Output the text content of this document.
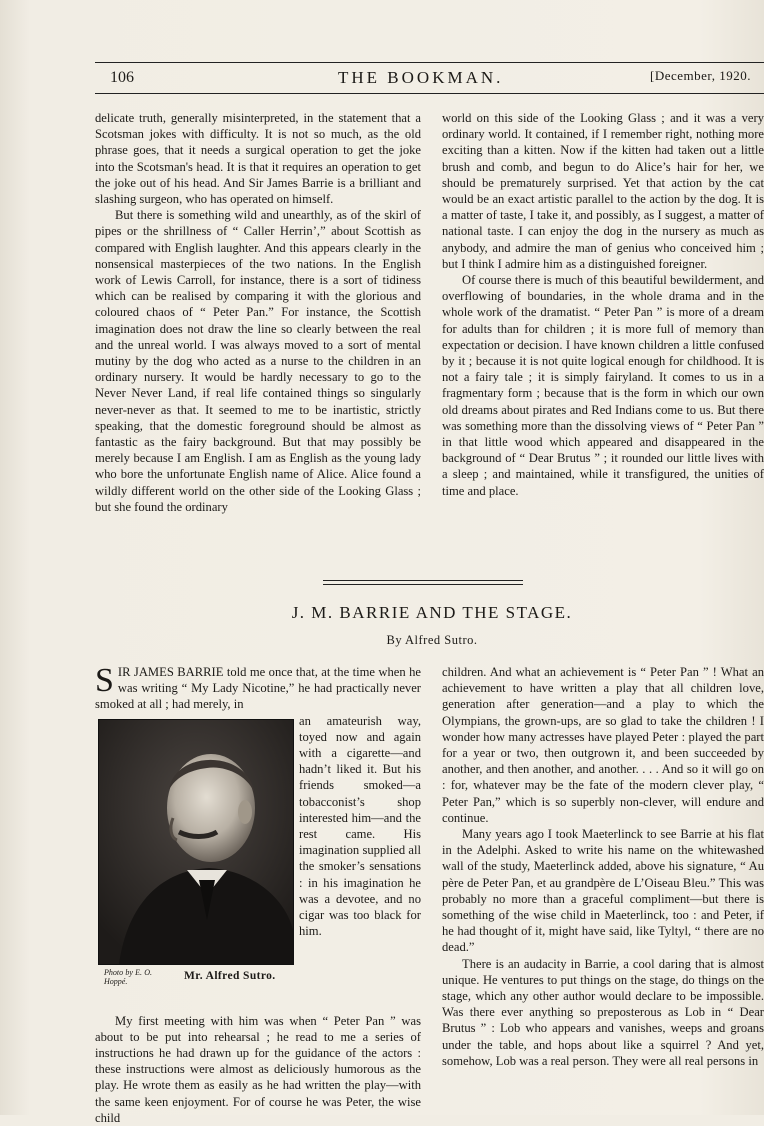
106	THE BOOKMAN.	[December, 1920.

delicate truth, generally misinterpreted, in the statement that a Scotsman jokes with difficulty. It is not so much, as the old phrase goes, that it needs a surgical operation to get the joke into the Scotsman's head. It is that it requires an operation to get the joke out of his head. And Sir James Barrie is a brilliant and slashing surgeon, who has operated on himself.

But there is something wild and unearthly, as of the skirl of pipes or the shrillness of “ Caller Herrin’,” about Scottish as compared with English laughter. And this appears clearly in the nonsensical masterpieces of the two nations. In the English work of Lewis Carroll, for instance, there is a sort of tidiness which can be realised by comparing it with the glorious and coloured chaos of “ Peter Pan.” For instance, the Scottish imagination does not draw the line so clearly between the real and the unreal world. I was always moved to a sort of mental mutiny by the dog who acted as a nurse to the children in an ordinary nursery. It would be hardly necessary to go to the Never Never Land, if real life contained things so singularly never-never as that. It seemed to me to be inartistic, strictly speaking, that the domestic foreground should be almost as fantastic as the fairy background. But that may possibly be merely because I am English. I am as English as the young lady who bore the unfortunate English name of Alice. Alice found a wildly different world on the other side of the Looking Glass ; but she found the ordinary

world on this side of the Looking Glass ; and it was a very ordinary world. It contained, if I remember right, nothing more exciting than a kitten. Now if the kitten had taken out a little brush and comb, and begun to do Alice’s hair for her, we should be prematurely surprised. Yet that action by the cat would be an exact artistic parallel to the action by the dog. It is a matter of taste, I take it, and possibly, as I suggest, a matter of national taste. I can enjoy the dog in the nursery as much as anybody, and admire the man of genius who conceived him ; but I think I admire him as a distinguished foreigner.

Of course there is much of this beautiful bewilderment, and overflowing of boundaries, in the whole drama and in the whole work of the dramatist. “ Peter Pan ” is more of a dream for adults than for children ; it is more full of memory than expectation or decision. I have known children a little confused by it ; because it is not quite logical enough for childhood. It is not a fairy tale ; it is simply fairyland. It comes to us in a fragmentary form ; because that is the form in which our own old dreams about pirates and Red Indians come to us. But there was something more than the dissolving views of “ Peter Pan ” in that little wood which appeared and disappeared in the background of “ Dear Brutus ” ; it rounded our little lives with a sleep ; and maintained, while it transfigured, the unities of time and place.

J. M. BARRIE AND THE STAGE.
By Alfred Sutro.

SIR JAMES BARRIE told me once that, at the time when he was writing “ My Lady Nicotine,” he had practically never smoked at all ; had merely, in

Photo by E. O. Hoppé.	Mr. Alfred Sutro.

an amateurish way, toyed now and again with a cigarette—and hadn’t liked it. But his friends smoked—a tobacconist’s shop interested him—and the rest came. His imagination supplied all the smoker’s sensations : in his imagination he was a devotee, and no cigar was too black for him.

My first meeting with him was when “ Peter Pan ” was about to be put into rehearsal ; he read to me a series of instructions he had drawn up for the guidance of the actors : these instructions were almost as deliciously humorous as the play. He wrote them as easily as he had written the play—with the same keen enjoyment. For of course he was Peter, the wise child

children. And what an achievement is “ Peter Pan ” ! What an achievement to have written a play that all children love, generation after generation—and a play to which the Olympians, the grown-ups, are so glad to take the children ! I wonder how many actresses have played Peter : played the part for a year or two, then outgrown it, and been succeeded by another, and then another, and another. . . . And so it will go on : for, whatever may be the fate of the modern clever play, “ Peter Pan,” which is so superbly non-clever, will endure and continue.

Many years ago I took Maeterlinck to see Barrie at his flat in the Adelphi. Asked to write his name on the whitewashed wall of the study, Maeterlinck added, above his signature, “ Au père de Peter Pan, et au grandpère de L’Oiseau Bleu.” This was probably no more than a graceful compliment—but there is something of the wise child in Maeterlinck, too : and Peter, if he had thought of it, might have said, like Tyltyl, “ there are no dead.”

There is an audacity in Barrie, a cool daring that is almost unique. He ventures to put things on the stage, do things on the stage, which any other author would declare to be impossible. Was there ever anything so preposterous as Lob in “ Dear Brutus ” : Lob who appears and vanishes, weeps and groans under the table, and hops about like a squirrel ? And yet, somehow, Lob was a real person. They were all real persons in
